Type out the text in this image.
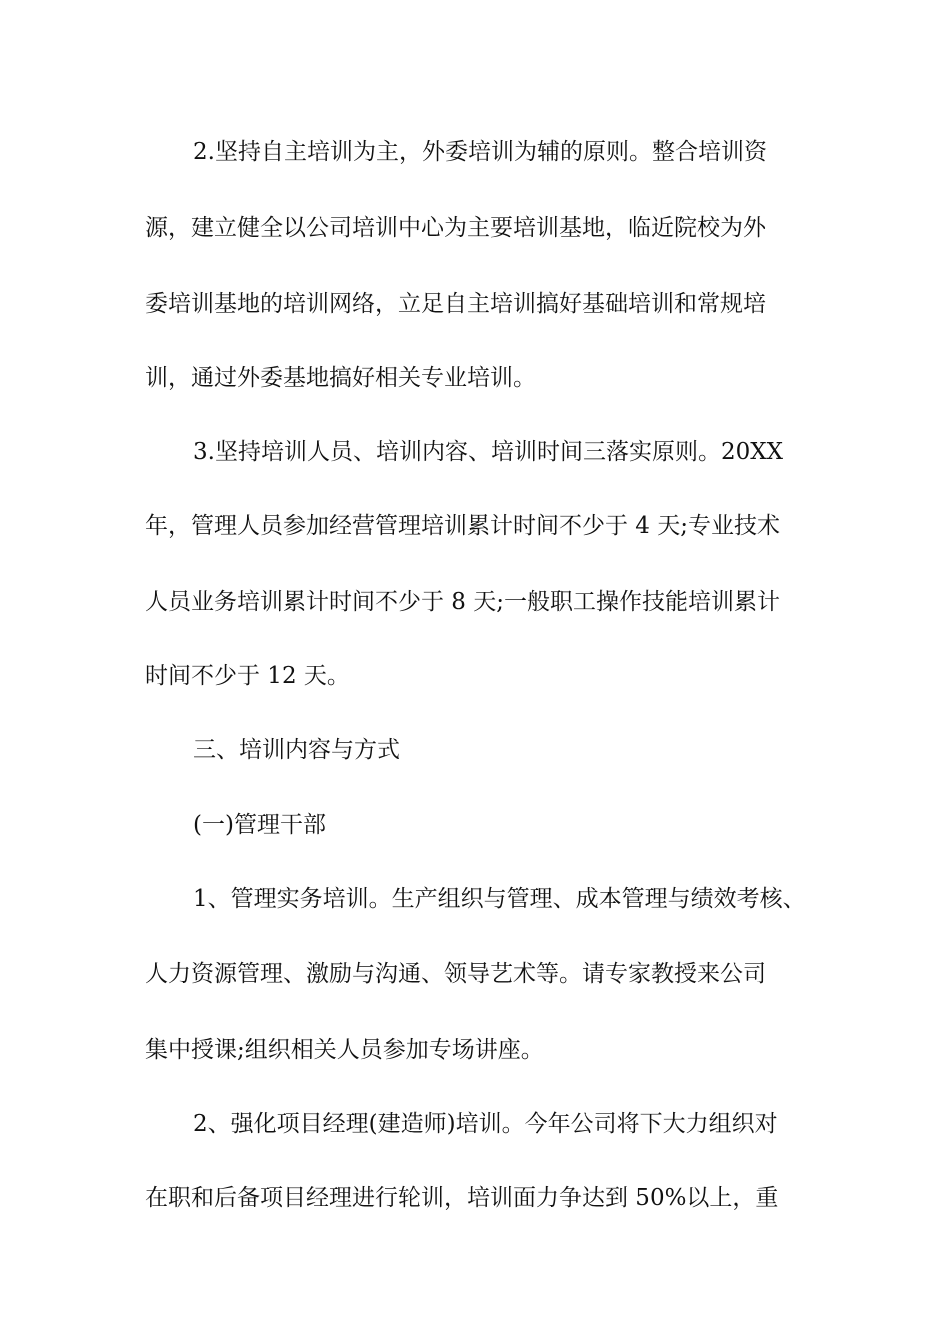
2.坚持自主培训为主，外委培训为辅的原则。整合培训资
源，建立健全以公司培训中心为主要培训基地，临近院校为外
委培训基地的培训网络，立足自主培训搞好基础培训和常规培
训，通过外委基地搞好相关专业培训。
3.坚持培训人员、培训内容、培训时间三落实原则。20XX
年，管理人员参加经营管理培训累计时间不少于 4 天;专业技术
人员业务培训累计时间不少于 8 天;一般职工操作技能培训累计
时间不少于 12 天。
三、培训内容与方式
(一)管理干部
1、管理实务培训。生产组织与管理、成本管理与绩效考核、
人力资源管理、激励与沟通、领导艺术等。请专家教授来公司
集中授课;组织相关人员参加专场讲座。
2、强化项目经理(建造师)培训。今年公司将下大力组织对
在职和后备项目经理进行轮训，培训面力争达到 50%以上，重
